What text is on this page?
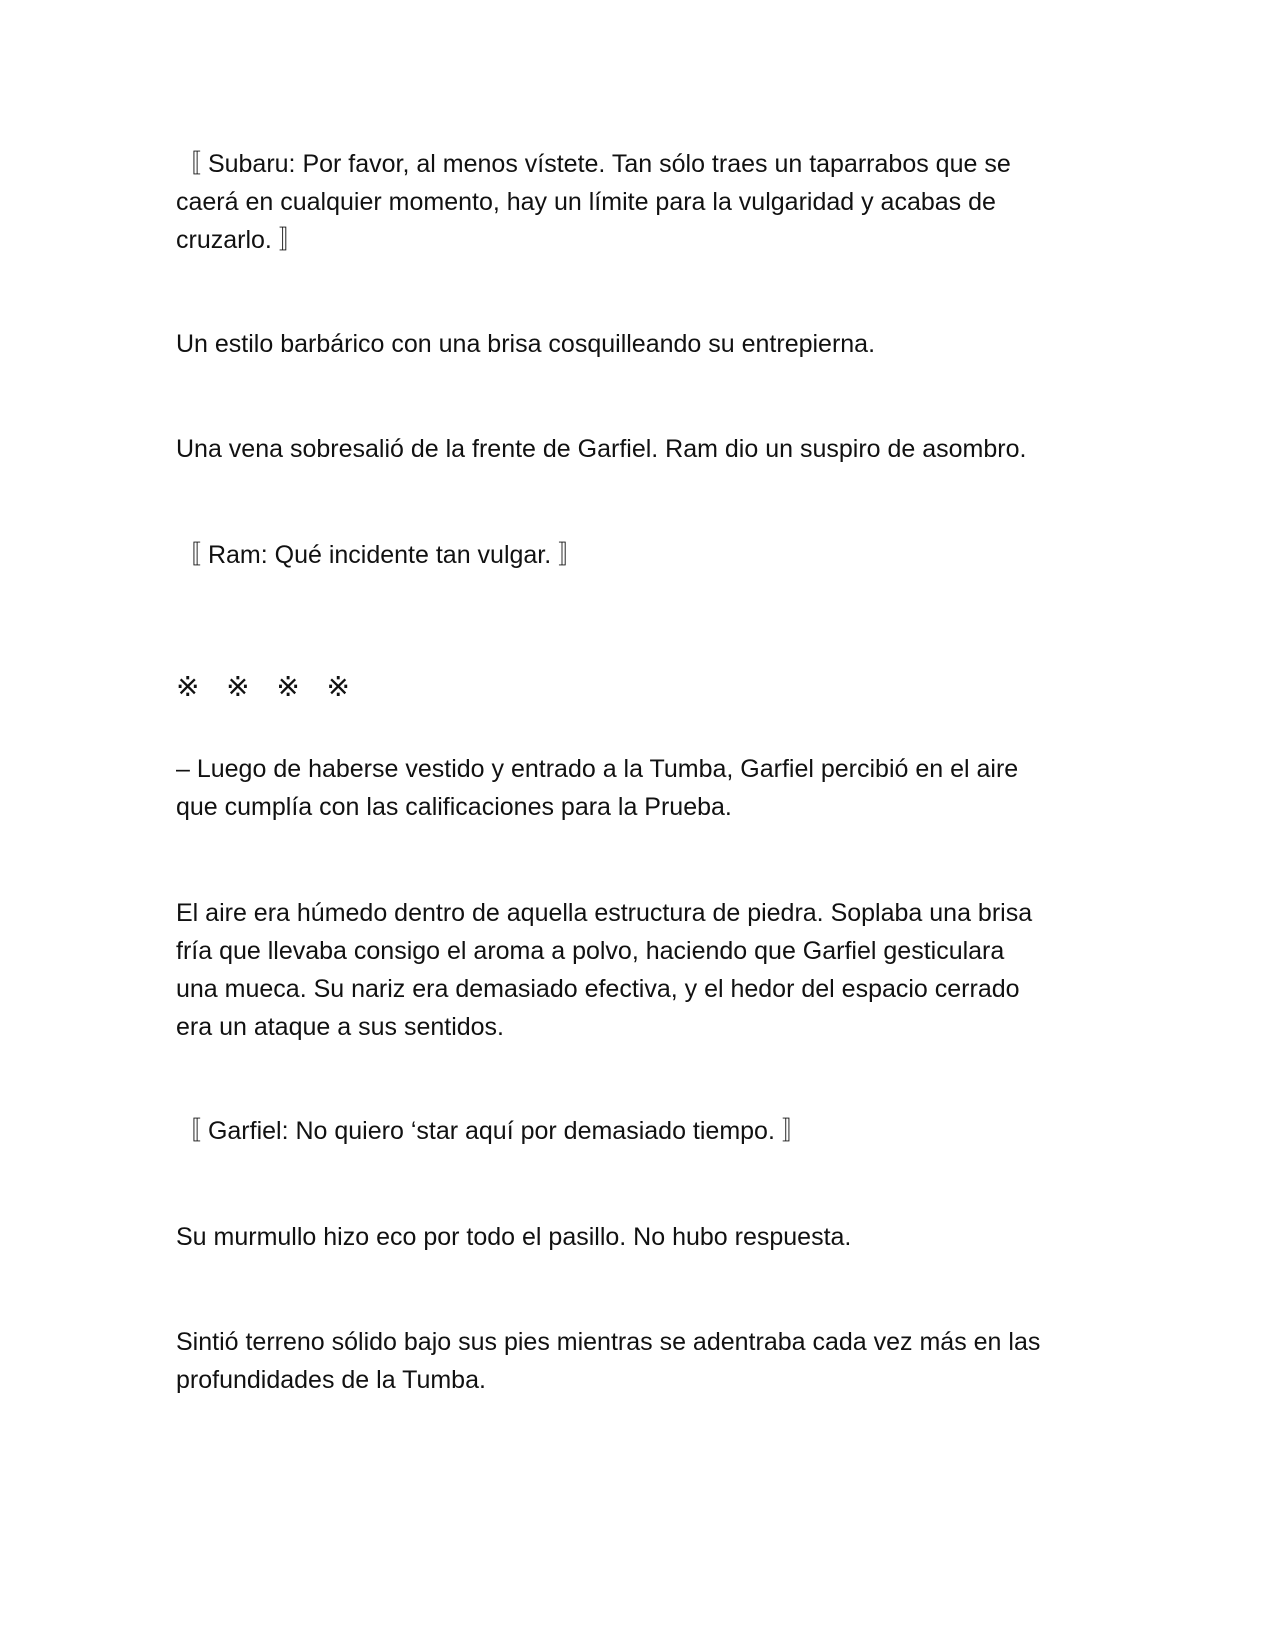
〚 Subaru: Por favor, al menos vístete. Tan sólo traes un taparrabos que se
caerá en cualquier momento, hay un límite para la vulgaridad y acabas de
cruzarlo. 〛

Un estilo barbárico con una brisa cosquilleando su entrepierna.

Una vena sobresalió de la frente de Garfiel. Ram dio un suspiro de asombro.

〚 Ram: Qué incidente tan vulgar. 〛

※   ※   ※   ※

– Luego de haberse vestido y entrado a la Tumba, Garfiel percibió en el aire
que cumplía con las calificaciones para la Prueba.

El aire era húmedo dentro de aquella estructura de piedra. Soplaba una brisa
fría que llevaba consigo el aroma a polvo, haciendo que Garfiel gesticulara
una mueca. Su nariz era demasiado efectiva, y el hedor del espacio cerrado
era un ataque a sus sentidos.

〚 Garfiel: No quiero ‘star aquí por demasiado tiempo. 〛

Su murmullo hizo eco por todo el pasillo. No hubo respuesta.

Sintió terreno sólido bajo sus pies mientras se adentraba cada vez más en las
profundidades de la Tumba.
